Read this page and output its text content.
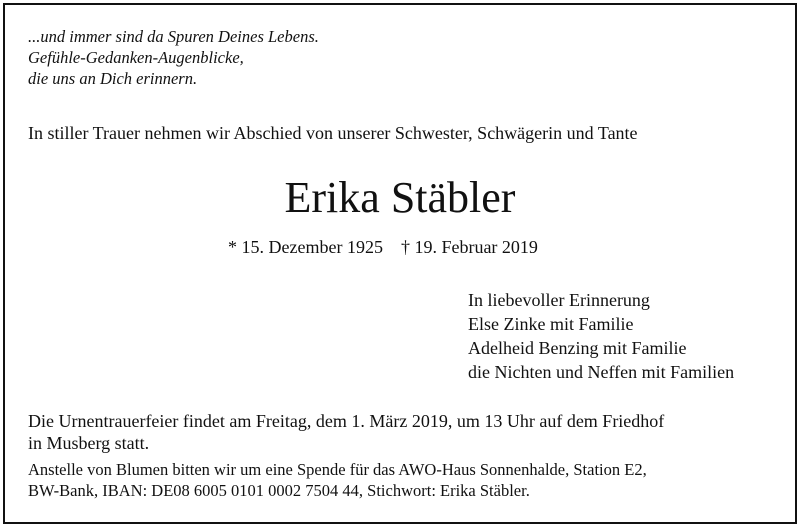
...und immer sind da Spuren Deines Lebens.
Gefühle-Gedanken-Augenblicke,
die uns an Dich erinnern.
In stiller Trauer nehmen wir Abschied von unserer Schwester, Schwägerin und Tante
Erika Stäbler
* 15. Dezember 1925 † 19. Februar 2019
In liebevoller Erinnerung
Else Zinke mit Familie
Adelheid Benzing mit Familie
die Nichten und Neffen mit Familien
Die Urnentrauerfeier findet am Freitag, dem 1. März 2019, um 13 Uhr auf dem Friedhof
in Musberg statt.
Anstelle von Blumen bitten wir um eine Spende für das AWO-Haus Sonnenhalde, Station E2,
BW-Bank, IBAN: DE08 6005 0101 0002 7504 44, Stichwort: Erika Stäbler.
